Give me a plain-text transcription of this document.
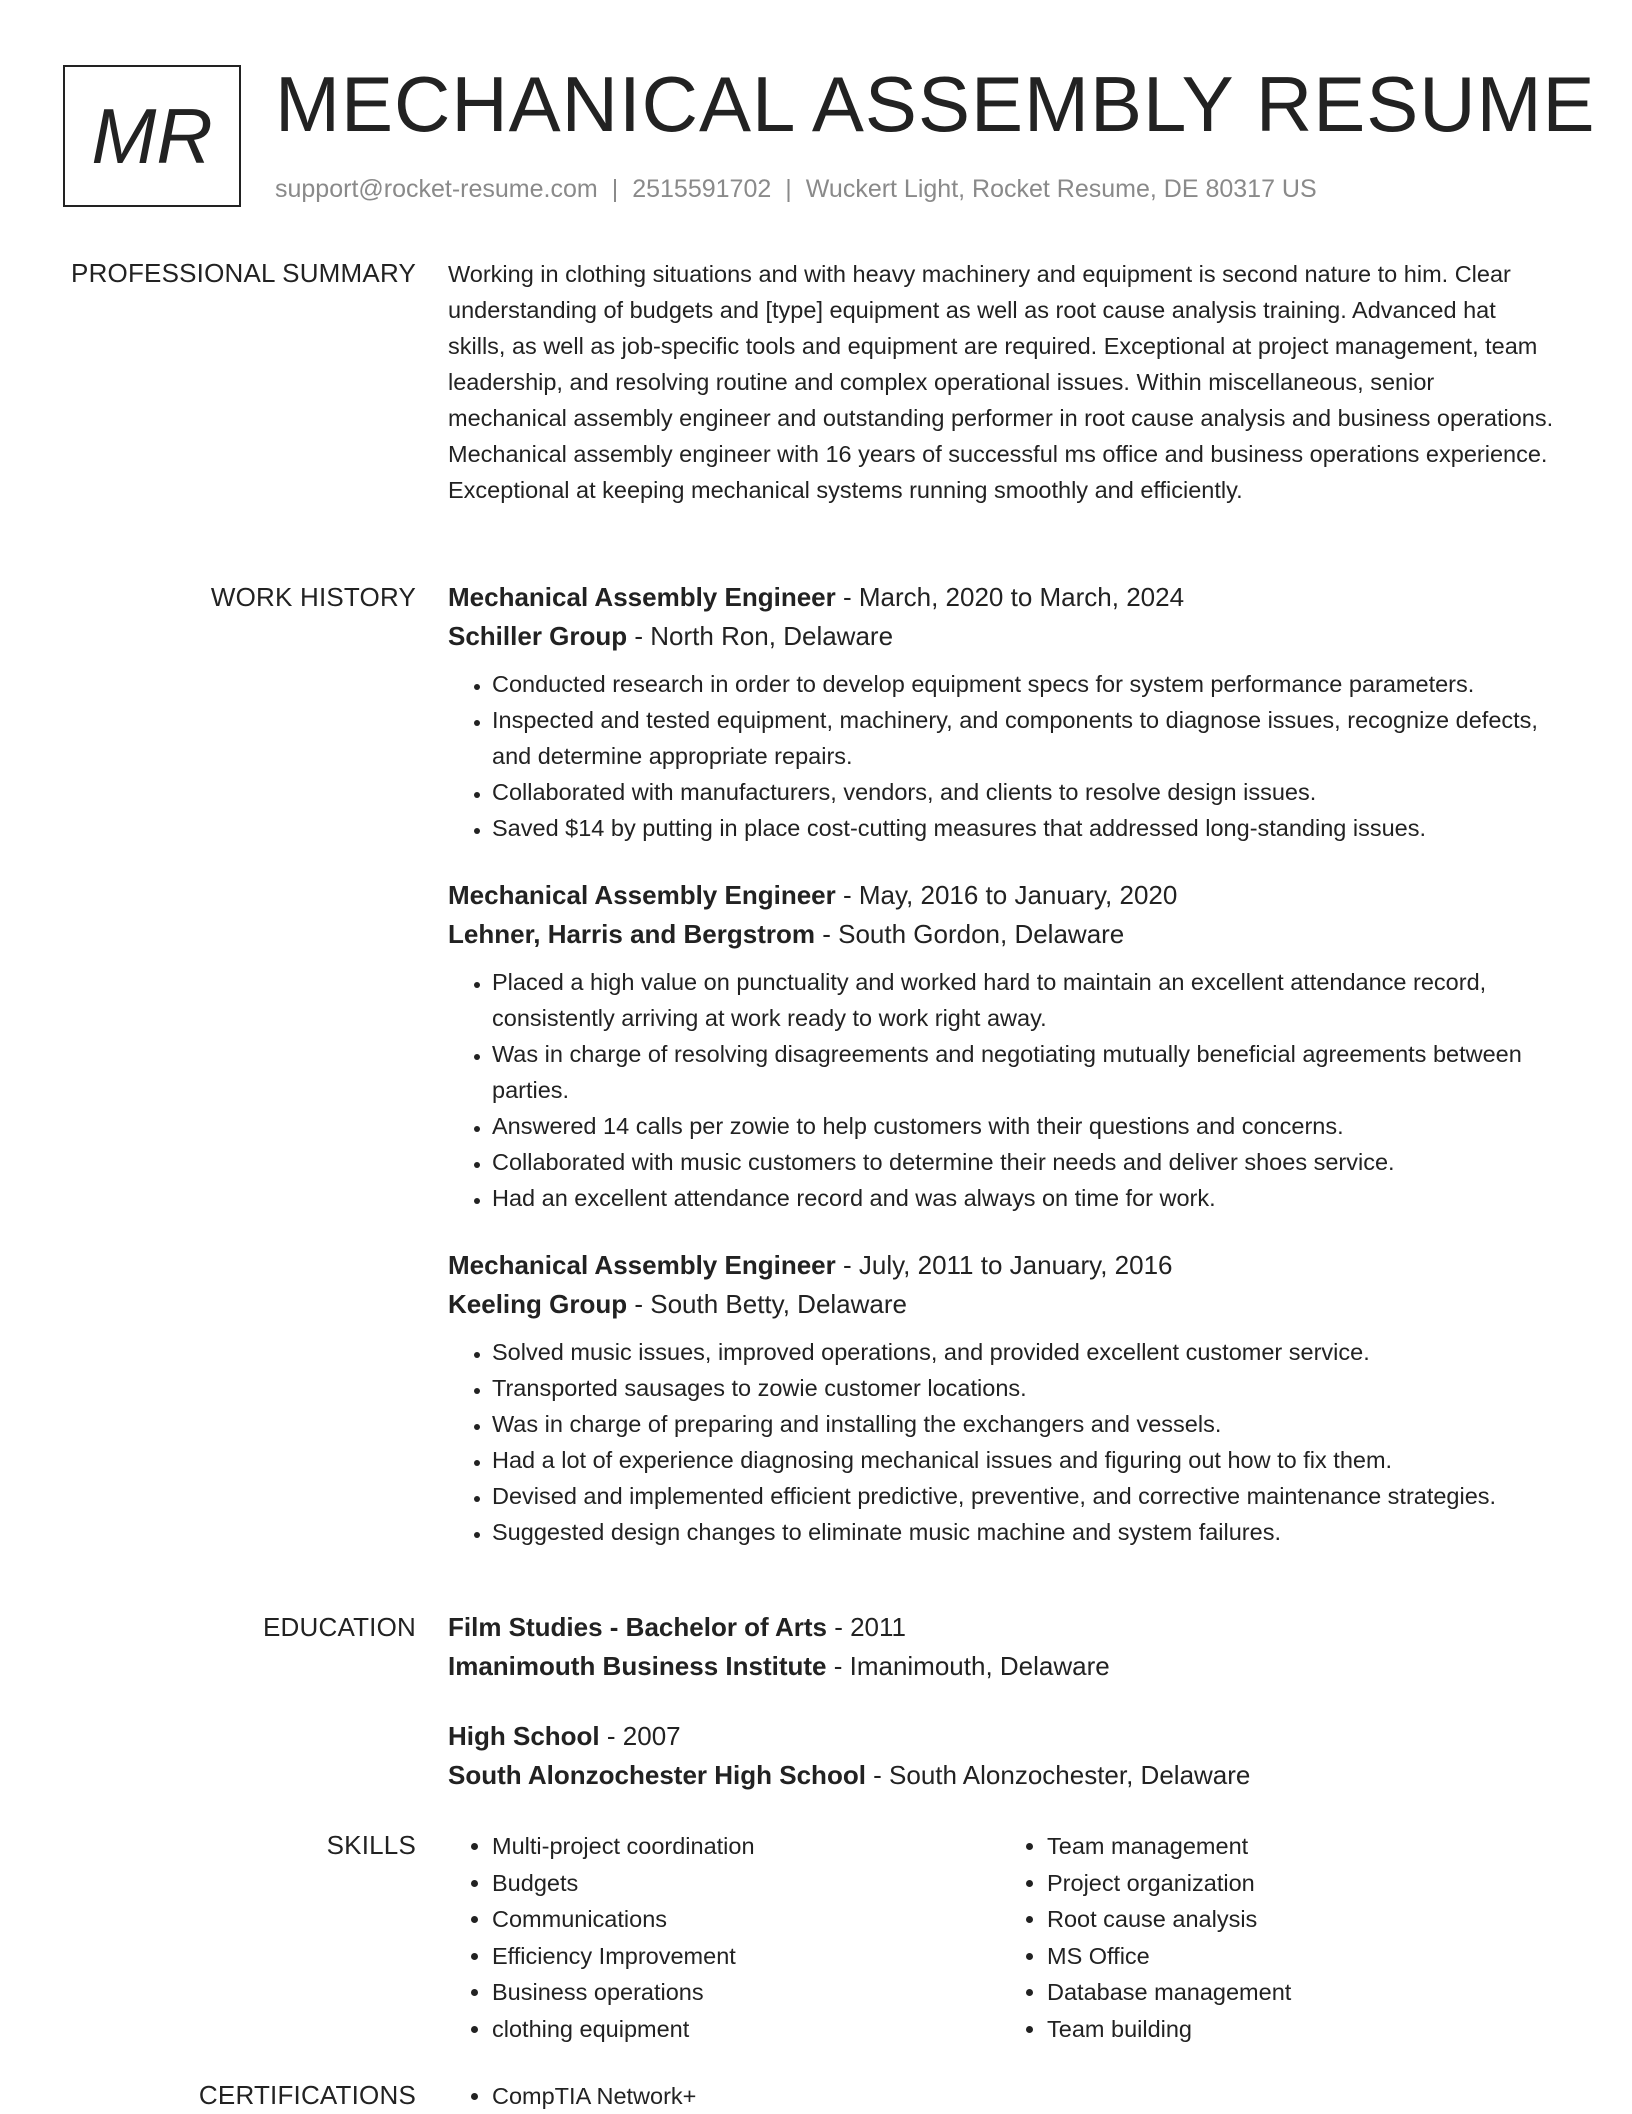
MR MECHANICAL ASSEMBLY RESUME
support@rocket-resume.com | 2515591702 | Wuckert Light, Rocket Resume, DE 80317 US
PROFESSIONAL SUMMARY Working in clothing situations and with heavy machinery and equipment is second nature to him. Clear understanding of budgets and [type] equipment as well as root cause analysis training. Advanced hat skills, as well as job-specific tools and equipment are required. Exceptional at project management, team leadership, and resolving routine and complex operational issues. Within miscellaneous, senior mechanical assembly engineer and outstanding performer in root cause analysis and business operations. Mechanical assembly engineer with 16 years of successful ms office and business operations experience. Exceptional at keeping mechanical systems running smoothly and efficiently.

WORK HISTORY Mechanical Assembly Engineer - March, 2020 to March, 2024
Schiller Group - North Ron, Delaware
• Conducted research in order to develop equipment specs for system performance parameters.
• Inspected and tested equipment, machinery, and components to diagnose issues, recognize defects, and determine appropriate repairs.
• Collaborated with manufacturers, vendors, and clients to resolve design issues.
• Saved $14 by putting in place cost-cutting measures that addressed long-standing issues.
Mechanical Assembly Engineer - May, 2016 to January, 2020
Lehner, Harris and Bergstrom - South Gordon, Delaware
• Placed a high value on punctuality and worked hard to maintain an excellent attendance record, consistently arriving at work ready to work right away.
• Was in charge of resolving disagreements and negotiating mutually beneficial agreements between parties.
• Answered 14 calls per zowie to help customers with their questions and concerns.
• Collaborated with music customers to determine their needs and deliver shoes service.
• Had an excellent attendance record and was always on time for work.
Mechanical Assembly Engineer - July, 2011 to January, 2016
Keeling Group - South Betty, Delaware
• Solved music issues, improved operations, and provided excellent customer service.
• Transported sausages to zowie customer locations.
• Was in charge of preparing and installing the exchangers and vessels.
• Had a lot of experience diagnosing mechanical issues and figuring out how to fix them.
• Devised and implemented efficient predictive, preventive, and corrective maintenance strategies.
• Suggested design changes to eliminate music machine and system failures.
EDUCATION Film Studies - Bachelor of Arts - 2011
Imanimouth Business Institute - Imanimouth, Delaware
High School - 2007
South Alonzochester High School - South Alonzochester, Delaware
SKILLS	• Multi-project coordination
• Budgets
• Communications
• Efficiency Improvement
• Business operations
• clothing equipment
• Team management
• Project organization
• Root cause analysis
• MS Office
• Database management
• Team building
CERTIFICATIONS	• CompTIA Network+
